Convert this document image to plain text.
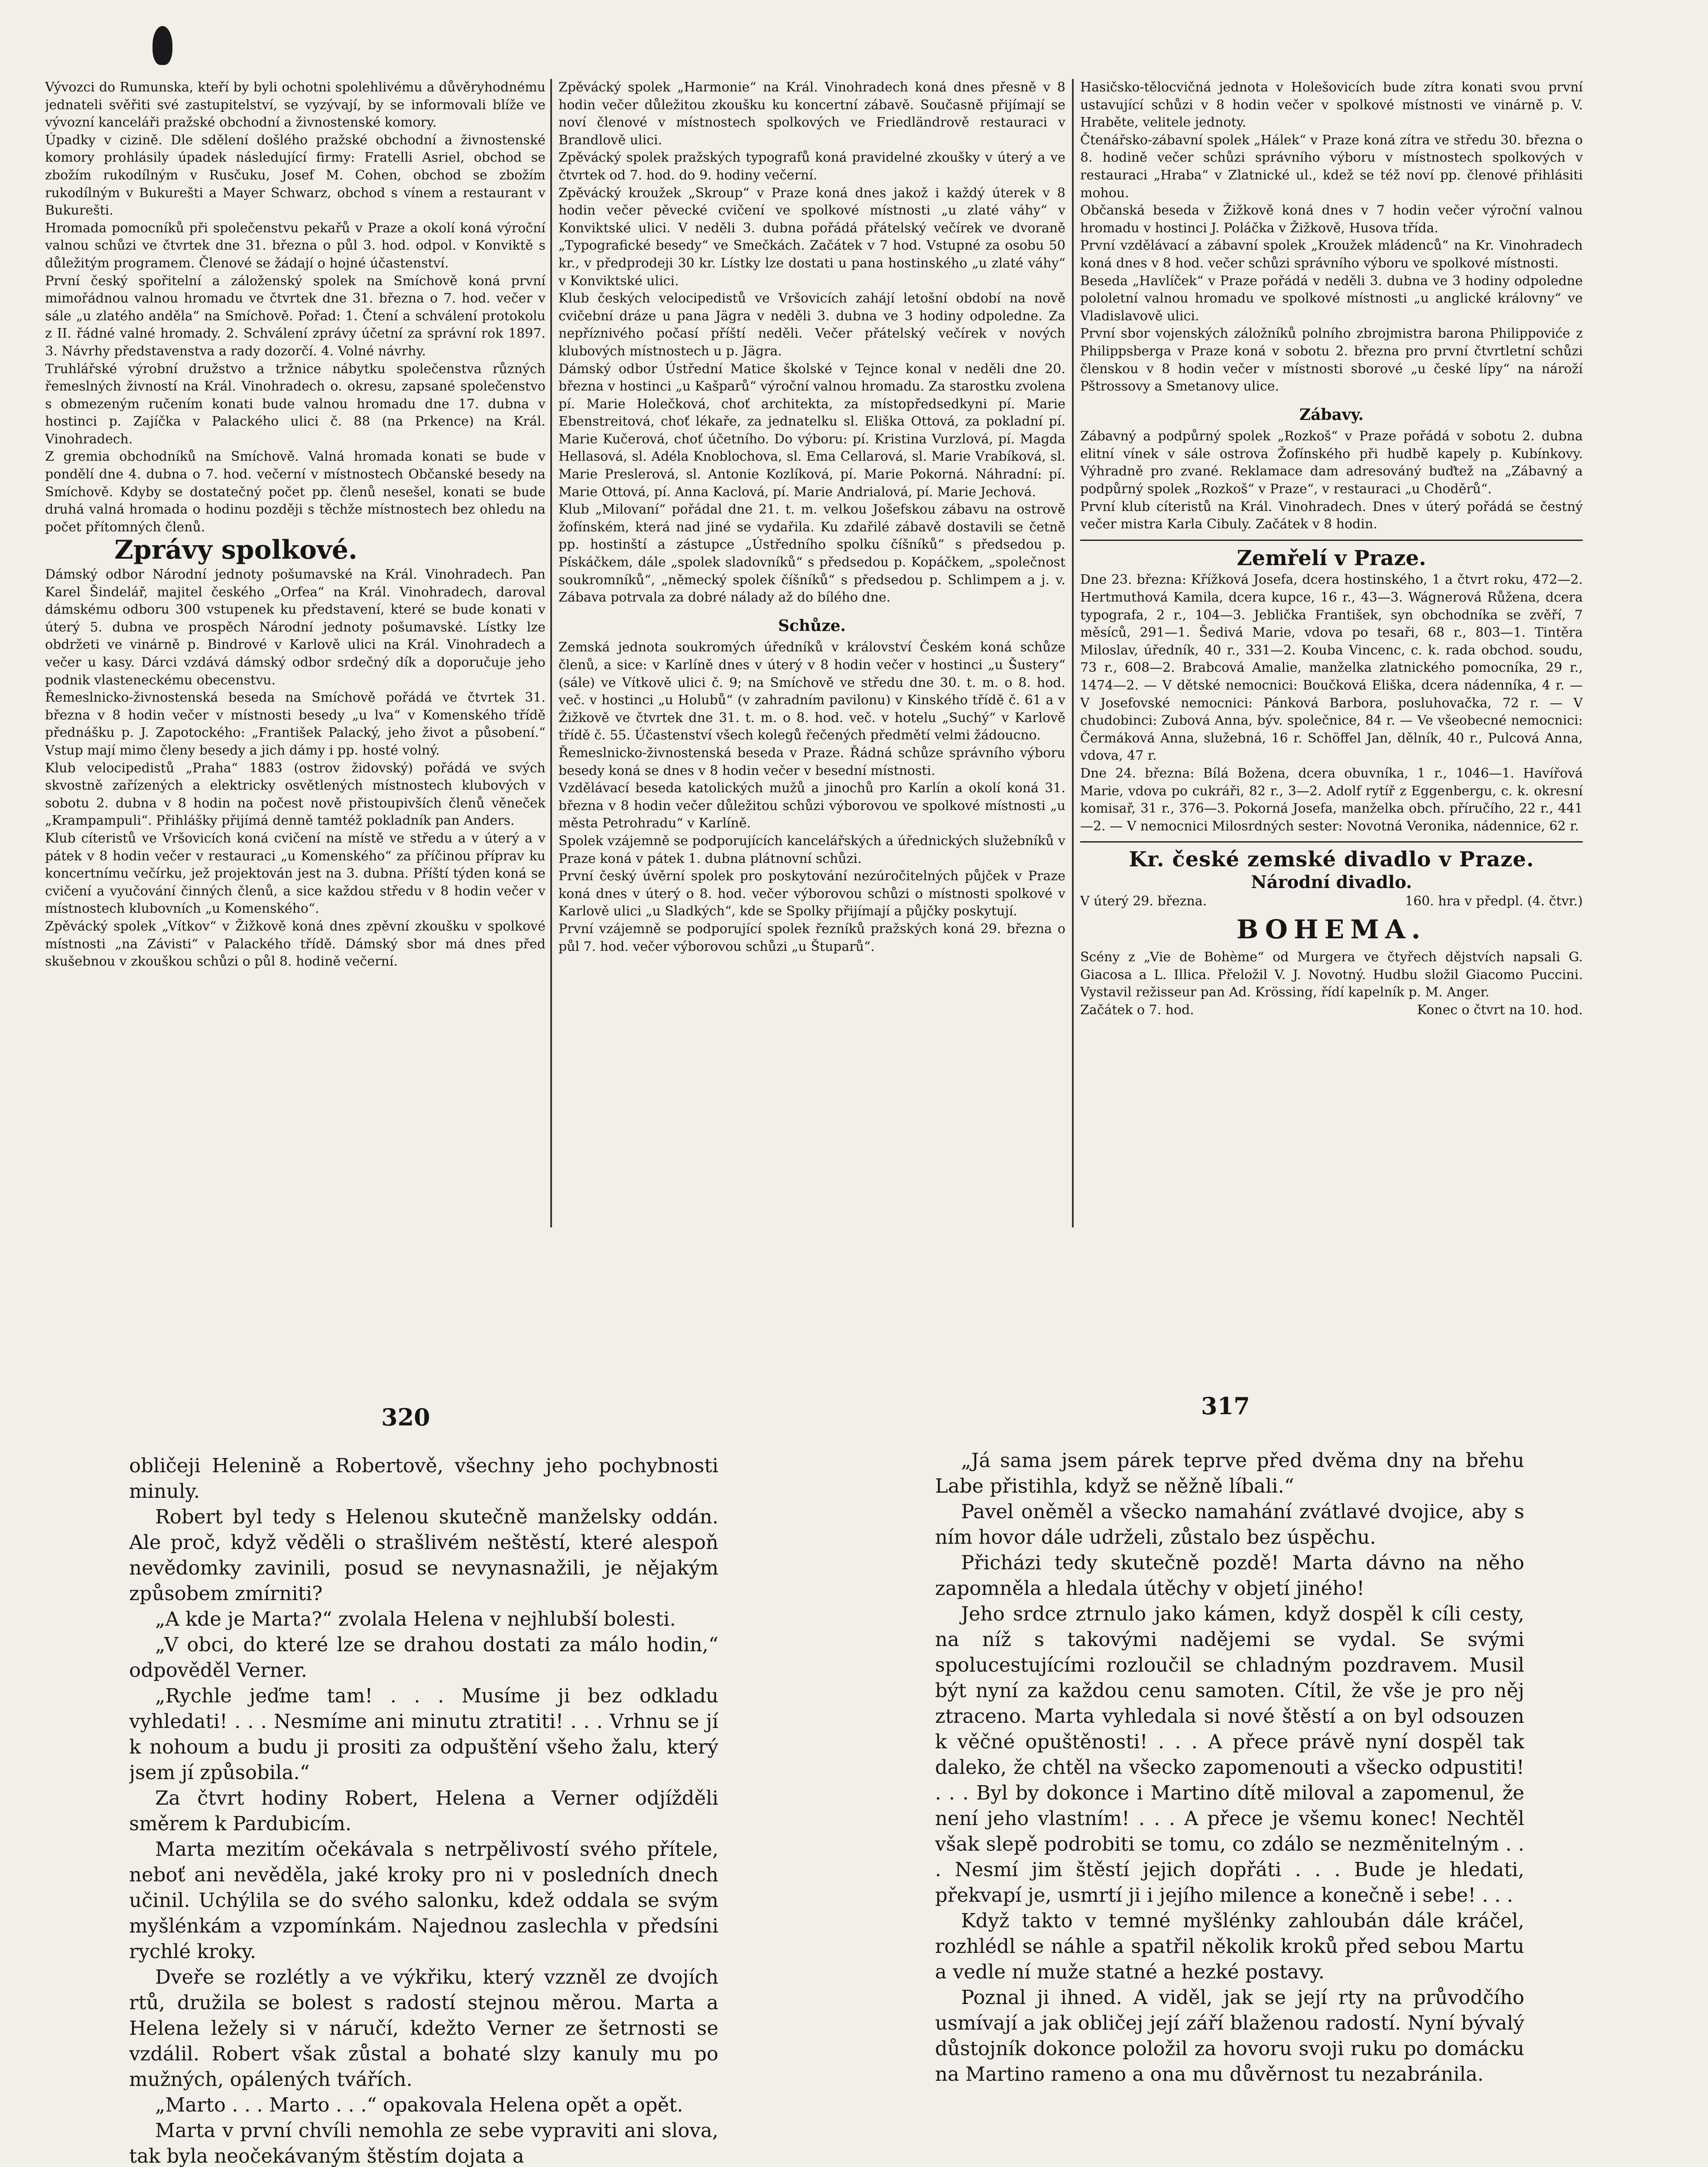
Vývozci do Rumunska, kteří by byli ochotni spolehlivému a důvěryhodnému jednateli svěřiti své zastupitelství, se vyzývají, by se informovali blíže ve vývozní kanceláři pražské obchodní a živnostenské komory.

Úpadky v cizině. Dle sdělení došlého pražské obchodní a živnostenské komory prohlásily úpadek následující firmy: Fratelli Asriel, obchod se zbožím rukodílným v Rusčuku, Josef M. Cohen, obchod se zbožím rukodílným v Bukurešti a Mayer Schwarz, obchod s vínem a restaurant v Bukurešti.

Hromada pomocníků při společenstvu pekařů v Praze a okolí koná výroční valnou schůzi ve čtvrtek dne 31. března o půl 3. hod. odpol. v Konviktě s důležitým programem. Členové se žádají o hojné účastenství.

První český spořitelní a záloženský spolek na Smíchově koná první mimořádnou valnou hromadu ve čtvrtek dne 31. března o 7. hod. večer v sále „u zlatého anděla“ na Smíchově. Pořad: 1. Čtení a schválení protokolu z II. řádné valné hromady. 2. Schválení zprávy účetní za správní rok 1897. 3. Návrhy představenstva a rady dozorčí. 4. Volné návrhy.

Truhlářské výrobní družstvo a tržnice nábytku společenstva různých řemeslných živností na Král. Vinohradech o. okresu, zapsané společenstvo s obmezeným ručením konati bude valnou hromadu dne 17. dubna v hostinci p. Zajíčka v Palackého ulici č. 88 (na Prkence) na Král. Vinohradech.

Z gremia obchodníků na Smíchově. Valná hromada konati se bude v pondělí dne 4. dubna o 7. hod. večerní v místnostech Občanské besedy na Smíchově. Kdyby se dostatečný počet pp. členů nesešel, konati se bude druhá valná hromada o hodinu později s těchže místnostech bez ohledu na počet přítomných členů.

Zprávy spolkové.

Dámský odbor Národní jednoty pošumavské na Král. Vinohradech. Pan Karel Šindelář, majitel českého „Orfea“ na Král. Vinohradech, daroval dámskému odboru 300 vstupenek ku představení, které se bude konati v úterý 5. dubna ve prospěch Národní jednoty pošumavské. Lístky lze obdržeti ve vinárně p. Bindrové v Karlově ulici na Král. Vinohradech a večer u kasy. Dárci vzdává dámský odbor srdečný dík a doporučuje jeho podnik vlasteneckému obecenstvu.

Řemeslnicko-živnostenská beseda na Smíchově pořádá ve čtvrtek 31. března v 8 hodin večer v místnosti besedy „u lva“ v Komenského třídě přednášku p. J. Zapotockého: „František Palacký, jeho život a působení.“ Vstup mají mimo členy besedy a jich dámy i pp. hosté volný.

Klub velocipedistů „Praha“ 1883 (ostrov židovský) pořádá ve svých skvostně zařízených a elektricky osvětlených místnostech klubových v sobotu 2. dubna v 8 hodin na počest nově přistoupivších členů věneček „Krampampuli“. Přihlášky přijímá denně tamtéž pokladník pan Anders.

Klub cíteristů ve Vršovicích koná cvičení na místě ve středu a v úterý a v pátek v 8 hodin večer v restauraci „u Komenského“ za příčinou příprav ku koncertnímu večírku, jež projektován jest na 3. dubna. Příští týden koná se cvičení a vyučování činných členů, a sice každou středu v 8 hodin večer v místnostech klubovních „u Komenského“.

Zpěvácký spolek „Vítkov“ v Žižkově koná dnes zpěvní zkoušku v spolkové místnosti „na Závisti“ v Palackého třídě. Dámský sbor má dnes před skušebnou v zkouškou schůzi o půl 8. hodině večerní.

Zpěvácký spolek „Harmonie“ na Král. Vinohradech koná dnes přesně v 8 hodin večer důležitou zkoušku ku koncertní zábavě. Současně přijímají se noví členové v místnostech spolkových ve Friedländrově restauraci v Brandlově ulici.

Zpěvácký spolek pražských typografů koná pravidelné zkoušky v úterý a ve čtvrtek od 7. hod. do 9. hodiny večerní.

Zpěvácký kroužek „Skroup“ v Praze koná dnes jakož i každý úterek v 8 hodin večer pěvecké cvičení ve spolkové místnosti „u zlaté váhy“ v Konviktské ulici. V neděli 3. dubna pořádá přátelský večírek ve dvoraně „Typografické besedy“ ve Smečkách. Začátek v 7 hod. Vstupné za osobu 50 kr., v předprodeji 30 kr. Lístky lze dostati u pana hostinského „u zlaté váhy“ v Konviktské ulici.

Klub českých velocipedistů ve Vršovicích zahájí letošní období na nově cvičební dráze u pana Jägra v neděli 3. dubna ve 3 hodiny odpoledne. Za nepříznivého počasí příští neděli. Večer přátelský večírek v nových klubových místnostech u p. Jägra.

Dámský odbor Ústřední Matice školské v Tejnce konal v neděli dne 20. března v hostinci „u Kašparů“ výroční valnou hromadu. Za starostku zvolena pí. Marie Holečková, choť architekta, za místopředsedkyni pí. Marie Ebenstreitová, choť lékaře, za jednatelku sl. Eliška Ottová, za pokladní pí. Marie Kučerová, choť účetního. Do výboru: pí. Kristina Vurzlová, pí. Magda Hellasová, sl. Adéla Knoblochova, sl. Ema Cellarová, sl. Marie Vrabíková, sl. Marie Preslerová, sl. Antonie Kozlíková, pí. Marie Pokorná. Náhradní: pí. Marie Ottová, pí. Anna Kaclová, pí. Marie Andrialová, pí. Marie Jechová.

Klub „Milovaní“ pořádal dne 21. t. m. velkou Jošefskou zábavu na ostrově žofínském, která nad jiné se vydařila. Ku zdařilé zábavě dostavili se četně pp. hostinští a zástupce „Ústředního spolku číšníků“ s předsedou p. Pískáčkem, dále „spolek sladovníků“ s předsedou p. Kopáčkem, „společnost soukromníků“, „německý spolek číšníků“ s předsedou p. Schlimpem a j. v. Zábava potrvala za dobré nálady až do bílého dne.

Schůze.

Zemská jednota soukromých úředníků v království Českém koná schůze členů, a sice: v Karlíně dnes v úterý v 8 hodin večer v hostinci „u Šustery“ (sále) ve Vítkově ulici č. 9; na Smíchově ve středu dne 30. t. m. o 8. hod. več. v hostinci „u Holubů“ (v zahradním pavilonu) v Kinského třídě č. 61 a v Žižkově ve čtvrtek dne 31. t. m. o 8. hod. več. v hotelu „Suchý“ v Karlově třídě č. 55. Účastenství všech kolegů řečených předmětí velmi žádoucno.

Řemeslnicko-živnostenská beseda v Praze. Řádná schůze správního výboru besedy koná se dnes v 8 hodin večer v besední místnosti.

Vzdělávací beseda katolických mužů a jinochů pro Karlín a okolí koná 31. března v 8 hodin večer důležitou schůzi výborovou ve spolkové místnosti „u města Petrohradu“ v Karlíně.

Spolek vzájemně se podporujících kancelářských a úřednických služebníků v Praze koná v pátek 1. dubna plátnovní schůzi.

První český úvěrní spolek pro poskytování nezúročitelných půjček v Praze koná dnes v úterý o 8. hod. večer výborovou schůzi o místnosti spolkové v Karlově ulici „u Sladkých“, kde se Spolky přijímají a půjčky poskytují.

První vzájemně se podporující spolek řezníků pražských koná 29. března o půl 7. hod. večer výborovou schůzi „u Štuparů“.

Hasičsko-tělocvičná jednota v Holešovicích bude zítra konati svou první ustavující schůzi v 8 hodin večer v spolkové místnosti ve vinárně p. V. Hraběte, velitele jednoty.

Čtenářsko-zábavní spolek „Hálek“ v Praze koná zítra ve středu 30. března o 8. hodině večer schůzi správního výboru v místnostech spolkových v restauraci „Hraba“ v Zlatnické ul., kdež se též noví pp. členové přihlásiti mohou.

Občanská beseda v Žižkově koná dnes v 7 hodin večer výroční valnou hromadu v hostinci J. Poláčka v Žižkově, Husova třída.

První vzdělávací a zábavní spolek „Kroužek mládenců“ na Kr. Vinohradech koná dnes v 8 hod. večer schůzi správního výboru ve spolkové místnosti.

Beseda „Havlíček“ v Praze pořádá v neděli 3. dubna ve 3 hodiny odpoledne pololetní valnou hromadu ve spolkové místnosti „u anglické královny“ ve Vladislavově ulici.

První sbor vojenských záložníků polního zbrojmistra barona Philippoviće z Philippsberga v Praze koná v sobotu 2. března pro první čtvrtletní schůzi členskou v 8 hodin večer v místnosti sborové „u české lípy“ na nároží Pštrossovy a Smetanovy ulice.

Zábavy.

Zábavný a podpůrný spolek „Rozkoš“ v Praze pořádá v sobotu 2. dubna elitní vínek v sále ostrova Žofínského při hudbě kapely p. Kubínkovy. Výhradně pro zvané. Reklamace dam adresováný buďtež na „Zábavný a podpůrný spolek „Rozkoš“ v Praze“, v restauraci „u Choděrů“.

První klub cíteristů na Král. Vinohradech. Dnes v úterý pořádá se čestný večer mistra Karla Cibuly. Začátek v 8 hodin.

Zemřelí v Praze.

Dne 23. března: Křížková Josefa, dcera hostinského, 1 a čtvrt roku, 472—2. Hertmuthová Kamila, dcera kupce, 16 r., 43—3. Wágnerová Růžena, dcera typografa, 2 r., 104—3. Jeblička František, syn obchodníka se zvěří, 7 měsíců, 291—1. Šedivá Marie, vdova po tesaři, 68 r., 803—1. Tintěra Miloslav, úředník, 40 r., 331—2. Kouba Vincenc, c. k. rada obchod. soudu, 73 r., 608—2. Brabcová Amalie, manželka zlatnického pomocníka, 29 r., 1474—2. — V dětské nemocnici: Boučková Eliška, dcera nádenníka, 4 r. — V Josefovské nemocnici: Pánková Barbora, posluhovačka, 72 r. — V chudobinci: Zubová Anna, býv. společnice, 84 r. — Ve všeobecné nemocnici: Čermáková Anna, služebná, 16 r. Schöffel Jan, dělník, 40 r., Pulcová Anna, vdova, 47 r.

Dne 24. března: Bílá Božena, dcera obuvníka, 1 r., 1046—1. Havířová Marie, vdova po cukráři, 82 r., 3—2. Adolf rytíř z Eggenbergu, c. k. okresní komisař, 31 r., 376—3. Pokorná Josefa, manželka obch. příručího, 22 r., 441—2. — V nemocnici Milosrdných sester: Novotná Veronika, nádennice, 62 r.

Kr. české zemské divadlo v Praze.
Národní divadlo.
V úterý 29. března.	160. hra v předpl. (4. čtvr.)
BOHEMA.

Scény z „Vie de Bohème“ od Murgera ve čtyřech dějstvích napsali G. Giacosa a L. Illica. Přeložil V. J. Novotný. Hudbu složil Giacomo Puccini. Vystavil režisseur pan Ad. Krössing, řídí kapelník p. M. Anger.

Začátek o 7. hod.	Konec o čtvrt na 10. hod.
320	317

obličeji Helenině a Robertově, všechny jeho pochybnosti minuly.

Robert byl tedy s Helenou skutečně manželsky oddán. Ale proč, když věděli o strašlivém neštěstí, které alespoň nevědomky zavinili, posud se nevynasnažili, je nějakým způsobem zmírniti?

„A kde je Marta?“ zvolala Helena v nejhlubší bolesti.

„V obci, do které lze se drahou dostati za málo hodin,“ odpověděl Verner.

„Rychle jeďme tam! . . . Musíme ji bez odkladu vyhledati! . . . Nesmíme ani minutu ztratiti! . . . Vrhnu se jí k nohoum a budu ji prositi za odpuštění všeho žalu, který jsem jí způsobila.“

Za čtvrt hodiny Robert, Helena a Verner odjížděli směrem k Pardubicím.

Marta mezitím očekávala s netrpělivostí svého přítele, neboť ani nevěděla, jaké kroky pro ni v posledních dnech učinil. Uchýlila se do svého salonku, kdež oddala se svým myšlénkám a vzpomínkám. Najednou zaslechla v předsíni rychlé kroky.

Dveře se rozlétly a ve výkřiku, který vzzněl ze dvojích rtů, družila se bolest s radostí stejnou měrou. Marta a Helena ležely si v náručí, kdežto Verner ze šetrnosti se vzdálil. Robert však zůstal a bohaté slzy kanuly mu po mužných, opálených tvářích.

„Marto . . . Marto . . .“ opakovala Helena opět a opět.

Marta v první chvíli nemohla ze sebe vypraviti ani slova, tak byla neočekávaným štěstím dojata a

„Já sama jsem párek teprve před dvěma dny na břehu Labe přistihla, když se něžně líbali.“

Pavel oněměl a všecko namahání zvátlavé dvojice, aby s ním hovor dále udrželi, zůstalo bez úspěchu.

Přicházi tedy skutečně pozdě! Marta dávno na něho zapomněla a hledala útěchy v objetí jiného!

Jeho srdce ztrnulo jako kámen, když dospěl k cíli cesty, na níž s takovými nadějemi se vydal. Se svými spolucestujícími rozloučil se chladným pozdravem. Musil být nyní za každou cenu samoten. Cítil, že vše je pro něj ztraceno. Marta vyhledala si nové štěstí a on byl odsouzen k věčné opuštěnosti! . . . A přece právě nyní dospěl tak daleko, že chtěl na všecko zapomenouti a všecko odpustiti! . . . Byl by dokonce i Martino dítě miloval a zapomenul, že není jeho vlastním! . . . A přece je všemu konec! Nechtěl však slepě podrobiti se tomu, co zdálo se nezměnitelným . . . Nesmí jim štěstí jejich dopřáti . . . Bude je hledati, překvapí je, usmrtí ji i jejího milence a konečně i sebe! . . .

Když takto v temné myšlénky zahloubán dále kráčel, rozhlédl se náhle a spatřil několik kroků před sebou Martu a vedle ní muže statné a hezké postavy.

Poznal ji ihned. A viděl, jak se její rty na průvodčího usmívají a jak obličej její září blaženou radostí. Nyní bývalý důstojník dokonce položil za hovoru svoji ruku po domácku na Martino rameno a ona mu důvěrnost tu nezabránila.
